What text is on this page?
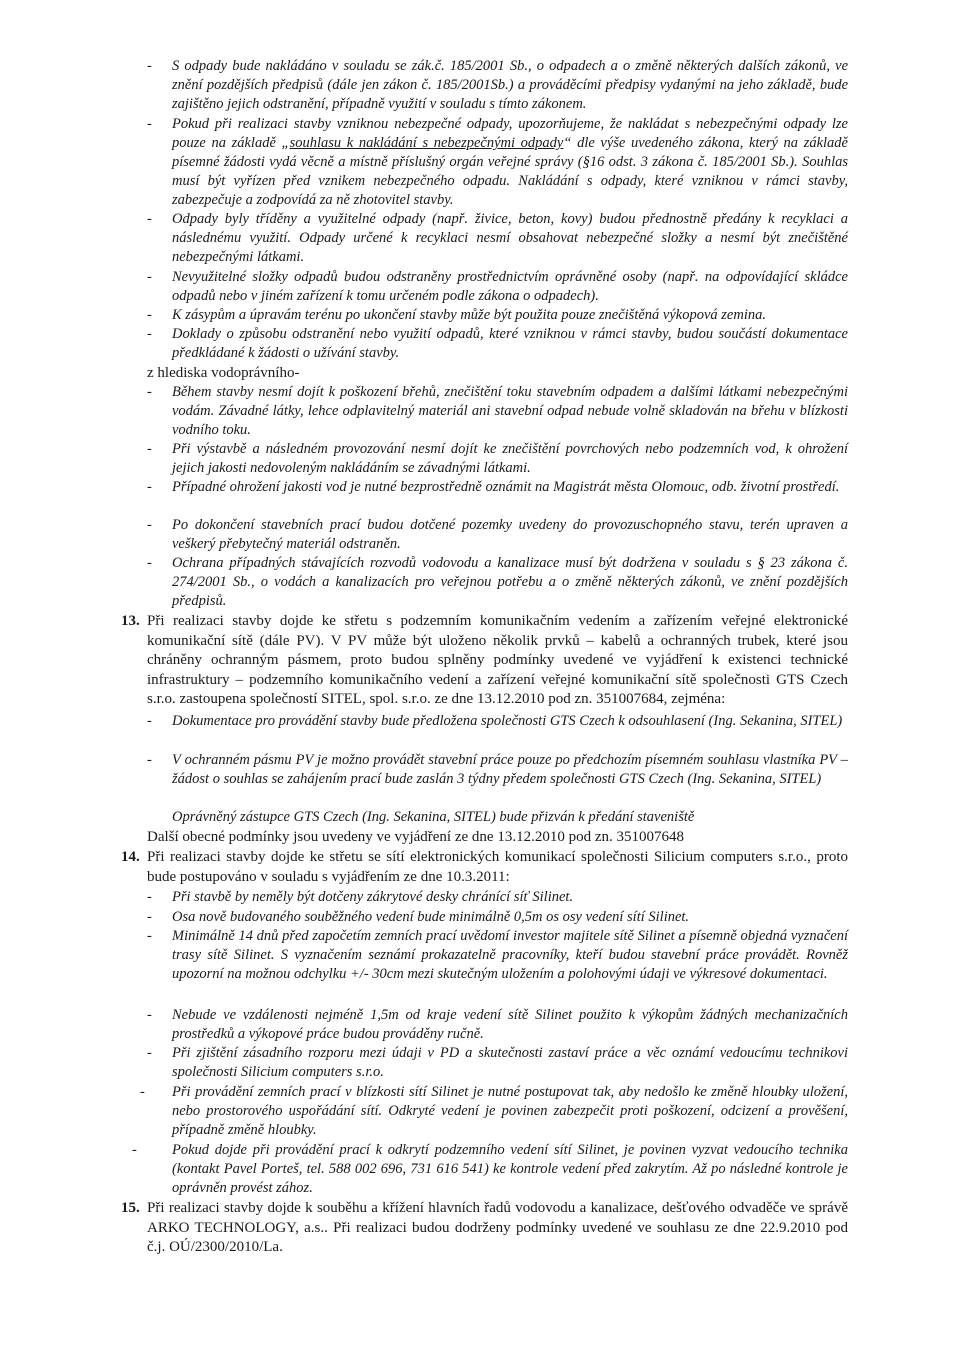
- S odpady bude nakládáno v souladu se zák.č. 185/2001 Sb., o odpadech a o změně některých dalších zákonů, ve znění pozdějších předpisů (dále jen zákon č. 185/2001Sb.) a prováděcími předpisy vydanými na jeho základě, bude zajištěno jejich odstranění, případně využití v souladu s tímto zákonem.
- Pokud při realizaci stavby vzniknou nebezpečné odpady, upozorňujeme, že nakládat s nebezpečnými odpady lze pouze na základě „souhlasu k nakládání s nebezpečnými odpady“ dle výše uvedeného zákona, který na základě písemné žádosti vydá věcně a místně příslušný orgán veřejné správy (§16 odst. 3 zákona č. 185/2001 Sb.). Souhlas musí být vyřízen před vznikem nebezpečného odpadu. Nakládání s odpady, které vzniknou v rámci stavby, zabezpečuje a zodpovídá za ně zhotovitel stavby.
- Odpady byly tříděny a využitelné odpady (např. živice, beton, kovy) budou přednostně předány k recyklaci a následnému využití. Odpady určené k recyklaci nesmí obsahovat nebezpečné složky a nesmí být znečištěné nebezpečnými látkami.
- Nevyužitelné složky odpadů budou odstraněny prostřednictvím oprávněné osoby (např. na odpovídající skládce odpadů nebo v jiném zařízení k tomu určeném podle zákona o odpadech).
- K zásypům a úpravám terénu po ukončení stavby může být použita pouze znečištěná výkopová zemina.
- Doklady o způsobu odstranění nebo využití odpadů, které vzniknou v rámci stavby, budou součástí dokumentace předkládané k žádosti o užívání stavby.
z hlediska vodoprávního-
- Během stavby nesmí dojít k poškození břehů, znečištění toku stavebním odpadem a dalšími látkami nebezpečnými vodám. Závadné látky, lehce odplavitelný materiál ani stavební odpad nebude volně skladován na břehu v blízkosti vodního toku.
- Při výstavbě a následném provozování nesmí dojít ke znečištění povrchových nebo podzemních vod, k ohrožení jejich jakosti nedovoleným nakládáním se závadnými látkami.
- Případné ohrožení jakosti vod je nutné bezprostředně oznámit na Magistrát města Olomouc, odb. životní prostředí.
- Po dokončení stavebních prací budou dotčené pozemky uvedeny do provozuschopného stavu, terén upraven a veškerý přebytečný materiál odstraněn.
- Ochrana případných stávajících rozvodů vodovodu a kanalizace musí být dodržena v souladu s § 23 zákona č. 274/2001 Sb., o vodách a kanalizacích pro veřejnou potřebu a o změně některých zákonů, ve znění pozdějších předpisů.
13. Při realizaci stavby dojde ke střetu s podzemním komunikačním vedením a zařízením veřejné elektronické komunikační sítě (dále PV). V PV může být uloženo několik prvků – kabelů a ochranných trubek, které jsou chráněny ochranným pásmem, proto budou splněny podmínky uvedené ve vyjádření k existenci technické infrastruktury – podzemního komunikačního vedení a zařízení veřejné komunikační sítě společnosti GTS Czech s.r.o. zastoupena společností SITEL, spol. s.r.o. ze dne 13.12.2010 pod zn. 351007684, zejména:
- Dokumentace pro provádění stavby bude předložena společnosti GTS Czech k odsouhlasení (Ing. Sekanina, SITEL)
- V ochranném pásmu PV je možno provádět stavební práce pouze po předchozím písemném souhlasu vlastníka PV – žádost o souhlas se zahájením prací bude zaslán 3 týdny předem společnosti GTS Czech (Ing. Sekanina, SITEL)
Oprávněný zástupce GTS Czech (Ing. Sekanina, SITEL) bude přizván k předání staveniště
Další obecné podmínky jsou uvedeny ve vyjádření ze dne 13.12.2010 pod zn. 351007648
14. Při realizaci stavby dojde ke střetu se sítí elektronických komunikací společnosti Silicium computers s.r.o., proto bude postupováno v souladu s vyjádřením ze dne 10.3.2011:
- Při stavbě by neměly být dotčeny zákrytové desky chránící síť Silinet.
- Osa nově budovaného souběžného vedení bude minimálně 0,5m os osy vedení sítí Silinet.
- Minimálně 14 dnů před započetím zemních prací uvědomí investor majitele sítě Silinet a písemně objedná vyznačení trasy sítě Silinet. S vyznačením seznámí prokazatelně pracovníky, kteří budou stavební práce provádět. Rovněž upozorní na možnou odchylku +/- 30cm mezi skutečným uložením a polohovými údaji ve výkresové dokumentaci.
- Nebude ve vzdálenosti nejméně 1,5m od kraje vedení sítě Silinet použito k výkopům žádných mechanizačních prostředků a výkopové práce budou prováděny ručně.
- Při zjištění zásadního rozporu mezi údaji v PD a skutečnosti zastaví práce a věc oznámí vedoucímu technikovi společnosti Silicium computers s.r.o.
- Při provádění zemních prací v blízkosti sítí Silinet je nutné postupovat tak, aby nedošlo ke změně hloubky uložení, nebo prostorového uspořádání sítí. Odkryté vedení je povinen zabezpečit proti poškození, odcizení a prověšení, případně změně hloubky.
- Pokud dojde při provádění prací k odkrytí podzemního vedení sítí Silinet, je povinen vyzvat vedoucího technika (kontakt Pavel Porteš, tel. 588 002 696, 731 616 541) ke kontrole vedení před zakrytím. Až po následné kontrole je oprávněn provést zához.
15. Při realizaci stavby dojde k souběhu a křížení hlavních řadů vodovodu a kanalizace, dešťového odvaděče ve správě ARKO TECHNOLOGY, a.s.. Při realizaci budou dodrženy podmínky uvedené ve souhlasu ze dne 22.9.2010 pod č.j. OÚ/2300/2010/La.
